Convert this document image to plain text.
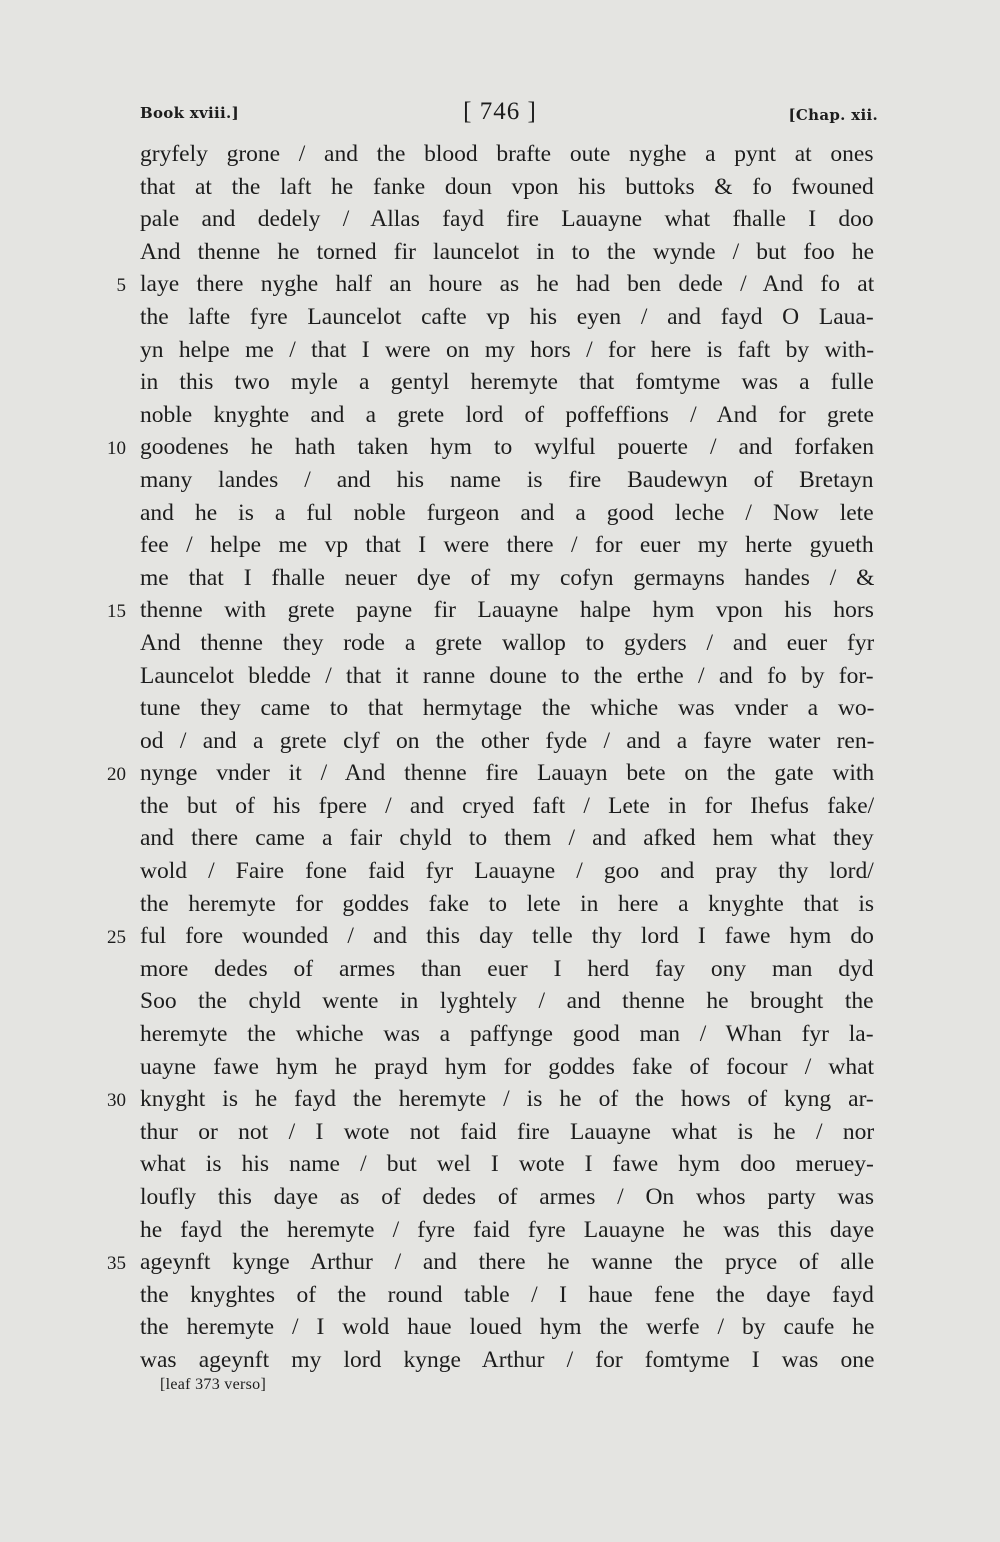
Book xviii.]	[ 746 ]	[Chap. xii.
gryfely grone / and the blood brafte oute nyghe a pynt at ones
that at the laft he fanke doun vpon his buttoks & fo fwouned
pale and dedely / Allas fayd fire Lauayne what fhalle I doo
And thenne he torned fir launcelot in to the wynde / but foo he
5 laye there nyghe half an houre as he had ben dede / And fo at
the lafte fyre Launcelot cafte vp his eyen / and fayd O Laua-
yn helpe me / that I were on my hors / for here is faft by with-
in this two myle a gentyl heremyte that fomtyme was a fulle
noble knyghte and a grete lord of poffeffions / And for grete
10 goodenes he hath taken hym to wylful pouerte / and forfaken
many landes / and his name is fire Baudewyn of Bretayn
and he is a ful noble furgeon and a good leche / Now lete
fee / helpe me vp that I were there / for euer my herte gyueth
me that I fhalle neuer dye of my cofyn germayns handes / &
15 thenne with grete payne fir Lauayne halpe hym vpon his hors
And thenne they rode a grete wallop to gyders / and euer fyr
Launcelot bledde / that it ranne doune to the erthe / and fo by for-
tune they came to that hermytage the whiche was vnder a wo-
od / and a grete clyf on the other fyde / and a fayre water ren-
20 nynge vnder it / And thenne fire Lauayn bete on the gate with
the but of his fpere / and cryed faft / Lete in for Ihefus fake/
and there came a fair chyld to them / and afked hem what they
wold / Faire fone faid fyr Lauayne / goo and pray thy lord/
the heremyte for goddes fake to lete in here a knyghte that is
25 ful fore wounded / and this day telle thy lord I fawe hym do
more dedes of armes than euer I herd fay ony man dyd
Soo the chyld wente in lyghtely / and thenne he brought the
heremyte the whiche was a paffynge good man / Whan fyr la-
uayne fawe hym he prayd hym for goddes fake of focour / what
30 knyght is he fayd the heremyte / is he of the hows of kyng ar-
thur or not / I wote not faid fire Lauayne what is he / nor
what is his name / but wel I wote I fawe hym doo meruey-
loufly this daye as of dedes of armes / On whos party was
he fayd the heremyte / fyre faid fyre Lauayne he was this daye
35 ageynft kynge Arthur / and there he wanne the pryce of alle
the knyghtes of the round table / I haue fene the daye fayd
the heremyte / I wold haue loued hym the werfe / by caufe he
was ageynft my lord kynge Arthur / for fomtyme I was one
[leaf 373 verso]
